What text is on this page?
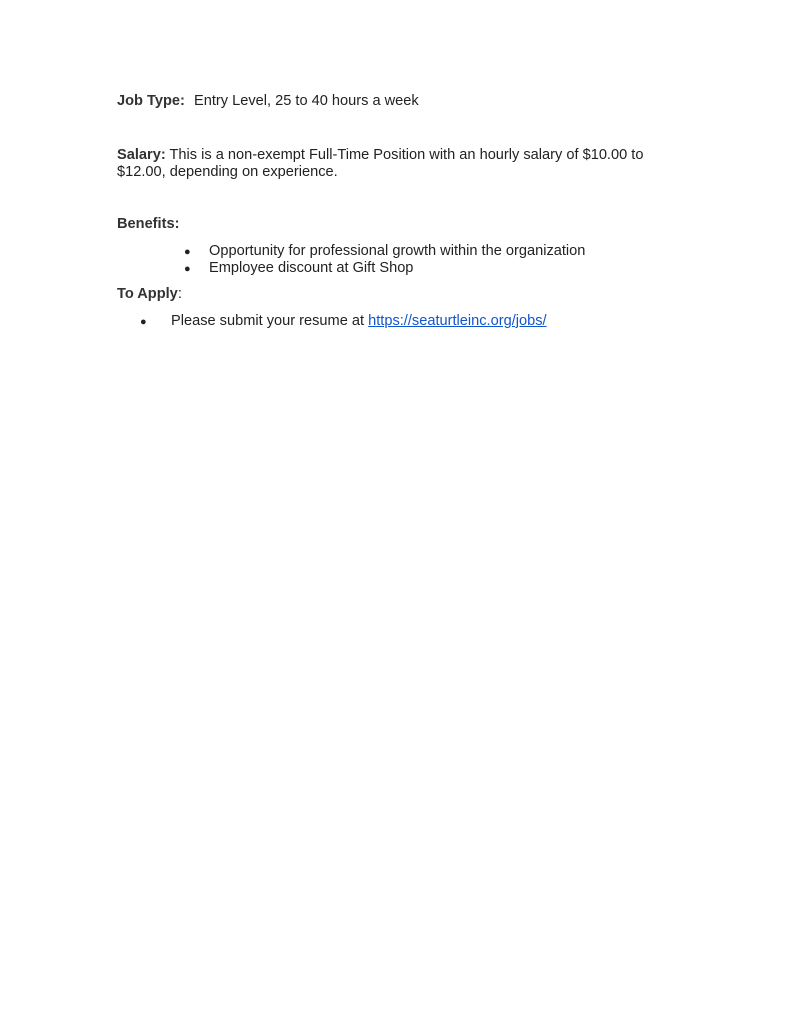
Job Type: Entry Level, 25 to 40 hours a week
Salary: This is a non-exempt Full-Time Position with an hourly salary of $10.00 to $12.00, depending on experience.
Benefits:
● Opportunity for professional growth within the organization
● Employee discount at Gift Shop
To Apply:
● Please submit your resume at https://seaturtleinc.org/jobs/
